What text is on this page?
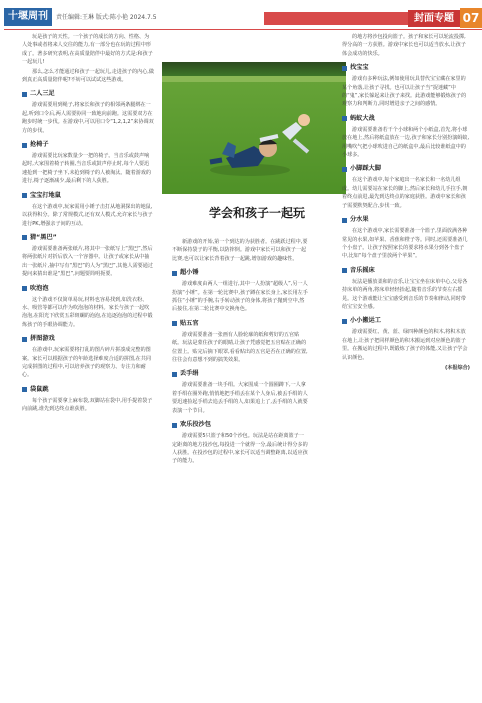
十堰周刊	责任编辑:王琳 版式:陈小艳 2024.7.5	封面专题 07
学会和孩子一起玩

玩是孩子的天性。一个孩子的成长的方向、性格、为人处事或者将来人交往的能力,有一部分也在玩的过程中形成了。著多研究表明,在高质量陪伴中最好的方式是:和孩子一起玩儿!

那么,怎么才能通过和孩子一起玩儿,走进孩子的内心,做到真正高质量陪伴呢?不妨可以试试这些游戏。

二人三足

游戏需要用到绳子,将家长和孩子的相邻两条腿绑在一起,听到口令后,两人需要协同一致地向前跑。这需要双方在跑步时统一步伐。在游戏中,可以用口令“1,2,1,2”来协调双方的步伐。

抢椅子

游戏需要比玩家数量少一把的椅子。当音乐或鼓声响起时,大家围着椅子转圈,当音乐或鼓声停止时,每个人要迅速抢到一把椅子坐下,未抢到椅子的人被淘汰。随着游戏的进行,椅子逐渐减少,最后剩下的人获胜。

宝宝打地鼠

在这个游戏中,玩家需用小锤子击打从地洞探出的地鼠,以获得积分。除了常规模式,还有双人模式,允许家长与孩子进行PK,增强亲子间的互动。

猜“黑巴”

游戏需要准备两张纸片,将其中一张纸写上“黑巴”,然后将两张纸片对折后放入一个容器中。让孩子或家长从中抽出一张纸片,抽中写有“黑巴”的人为“黑巴”,其他人需要通过提问来猜出谁是“黑巴”,问题要简明扼要。

吹泡泡

这个游戏不仅简单易玩,材料也容易找到,如洗衣粉、水、吸管等都可以作为吹泡泡的材料。家长与孩子一起吹泡泡,在阳光下欣赏五彩斑斓的泡泡,在追逐泡泡的过程中锻炼孩子的手眼协调能力。

拼图游戏

在游戏中,玩家需要将打乱的图片碎片拼凑成完整的图案。家长可以根据孩子的年龄选择难度合适的拼图,在共同完成拼图的过程中,可以培养孩子的观察力、专注力和耐心。

袋鼠跳

每个孩子需要拿上麻布袋,双脚站在袋中,用手提着袋子向前跳,谁先到达终点谁获胜。

新游戏的开始,第一个到达的为获胜者。在跳跃过程中,要不断保持袋子的平衡,以防摔倒。游戏中家长可以和孩子一起比赛,也可以让家长背着孩子一起跳,增加游戏的趣味性。

超小锤

游戏难度由两人一组进行,其中一人扮演“超级人”,另一人扮演“小锤”。在第一轮比赛中,孩子蹲在家长身上,家长用左手抓住“小锤”的手腕,右手转动孩子的身体,将孩子抛到空中,然后接住,在第二轮比赛中交换角色。

贴五官

游戏需要准备一张画有人脸轮廓的纸和剪好的五官贴纸。玩法是蒙住孩子的眼睛,让孩子凭感觉把五官贴在正确的位置上。贴完后摘下眼罩,看看贴出的五官是否在正确的位置,往往会有意想不到的搞笑效果。

丢手绢

游戏需要准备一块手绢。大家围成一个圆圈蹲下,一人拿着手绢在圈外跑,悄悄地把手绢丢在某个人身后,被丢手绢的人要迅速捡起手绢去追丢手绢的人,如果追上了,丢手绢的人就要表演一个节目。

欢乐投沙包

游戏需要5只篮子和50个沙包。玩法是站在距离篮子一定距离的地方投沙包,每投进一个就得一分,最后统计得分多的人获胜。在投沙包的过程中,家长可以适当调整距离,以适应孩子的能力。

的地方将沙包投向篮子。孩子和家长可以轮流投掷,得分高的一方获胜。游戏中家长也可以适当放水,让孩子体会成功的快乐。

找宝宝

游戏有多种玩法,例如使用玩具替代宝宝藏在家里的某个角落,让孩子寻找。也可以让孩子当“捉迷藏”中的“鬼”,家长躲起来让孩子来找。此游戏能够锻炼孩子的观察力和判断力,同时增进亲子之间的感情。

蚂蚁大战

游戏需要准备若干个小球和两个小纸盒,首先,将小球放在地上,然后将纸盒放在一边,孩子和家长分别扮演蚂蚁,用嘴吹气把小球吹进自己的纸盒中,最后比较谁纸盒中的小球多。

小脚踩大脚

在这个游戏中,每个家庭出一名家长和一名幼儿组成。幼儿需要站在家长的脚上,然后家长和幼儿手拉手,朝着终点前进,最先到达终点的家庭获胜。游戏中家长和孩子需要默契配合,步伐一致。

分水果

在这个游戏中,家长需要准备一个篮子,里面放满各种常见的水果,如苹果、香蕉和橙子等。同时,还需要准备几个小盘子。让孩子按照家长的要求将水果分到各个盘子中,比如“每个盘子里放两个苹果”。

音乐摇床

玩法是播放柔和的音乐,让宝宝坐在床单中心,父母各持床单的两角,将床单轻轻抬起,随着音乐的节奏左右摇晃。这个游戏能让宝宝感受到音乐的节奏和律动,同时带给宝宝安全感。

小小搬运工

游戏需要红、黄、蓝、绿四种颜色的积木,将积木放在地上,让孩子把同样颜色的积木搬运到对应颜色的篮子里。在搬运的过程中,既锻炼了孩子的体能,又让孩子学会认识颜色。

(本报综合)
